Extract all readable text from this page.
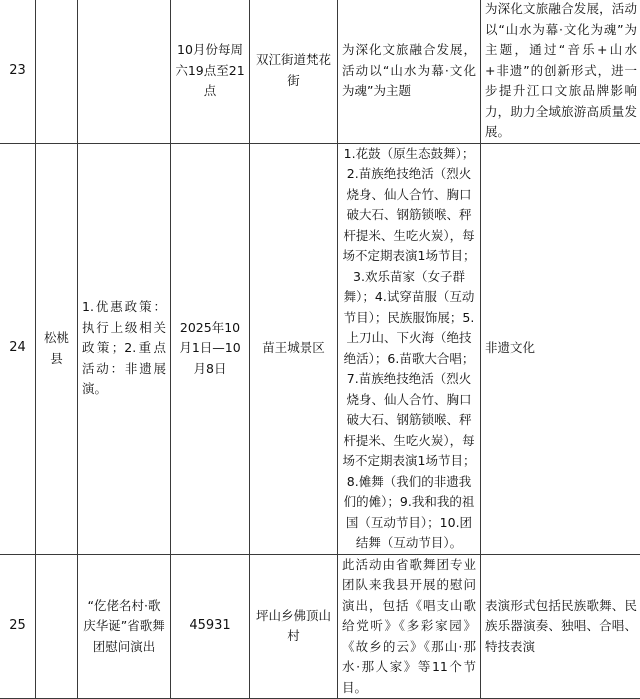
23			10月份每周六19点至21点	双江街道梵花街	为深化文旅融合发展，活动以“山水为幕·文化为魂”为主题	为深化文旅融合发展，活动以“山水为幕·文化为魂”为主题，通过“音乐+山水+非遗”的创新形式，进一步提升江口文旅品牌影响力，助力全域旅游高质量发展。
24	松桃县	1.优惠政策：执行上级相关政策；2.重点活动：非遗展演。	2025年10月1日—10月8日	苗王城景区	1.花鼓（原生态鼓舞）；2.苗族绝技绝活（烈火烧身、仙人合竹、胸口破大石、钢筋锁喉、秤杆提米、生吃火炭），每场不定期表演1场节目；3.欢乐苗家（女子群舞）；4.试穿苗服（互动节目）；民族服饰展；5.上刀山、下火海（绝技绝活）；6.苗歌大合唱；7.苗族绝技绝活（烈火烧身、仙人合竹、胸口破大石、钢筋锁喉、秤杆提米、生吃火炭），每场不定期表演1场节目；8.傩舞（我们的非遗我们的傩）；9.我和我的祖国（互动节目）；10.团结舞（互动节目）。	非遗文化
25		“仡佬名村·歌庆华诞”省歌舞团慰问演出	45931	坪山乡佛顶山村	此活动由省歌舞团专业团队来我县开展的慰问演出，包括《唱支山歌给党听》《多彩家园》《故乡的云》《那山·那水·那人家》等11个节目。	表演形式包括民族歌舞、民族乐器演奏、独唱、合唱、特技表演
